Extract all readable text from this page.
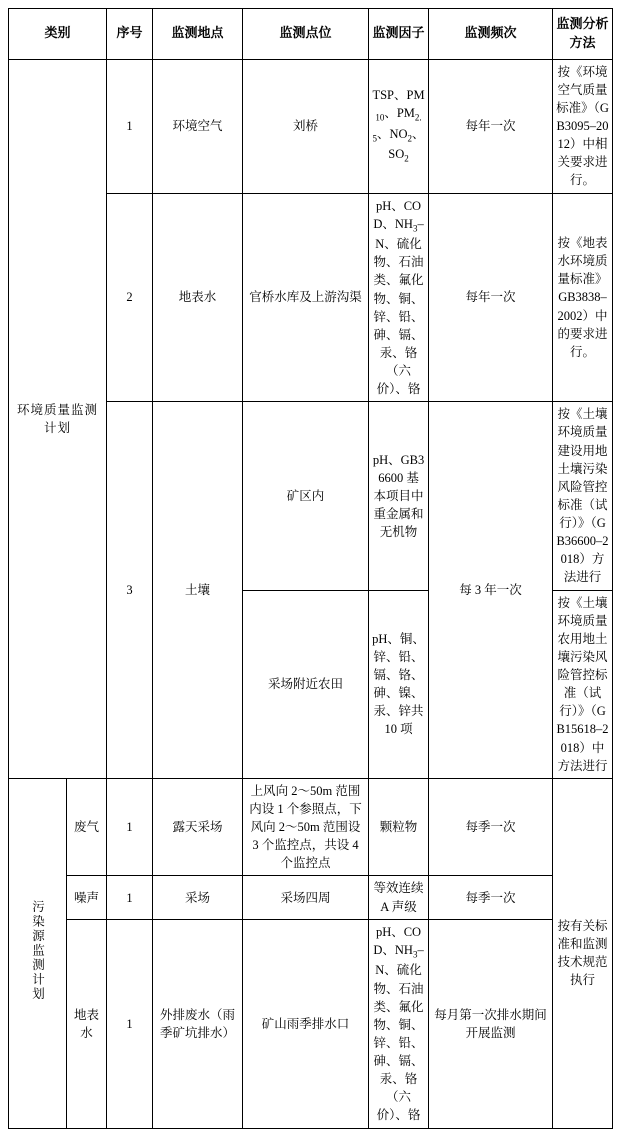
类别		序号	监测地点	监测点位	监测因子	监测频次	监测分析方法
环境质量监测计划		1	环境空气	刘桥	TSP、$PM_{10}$、$PM_{2.5}$、$NO_2$、$SO_2$	每年一次	按《环境空气质量标准》（GB3095–2012）中相关要求进行。
		2	地表水	官桥水库及上游沟渠	pH、COD、$NH_3-N$、硫化物、石油类、氟化物、铜、锌、铅、砷、镉、汞、铬（六价）、铬	每年一次	按《地表水环境质量标准》GB3838–2002）中的要求进行。
		3	土壤	矿区内	pH、GB36600 基本项目中重金属和无机物	每 3 年一次	按《土壤环境质量建设用地土壤污染风险管控标准（试行）》（GB36600–2018）方法进行
				采场附近农田	pH、铜、锌、铅、镉、铬、砷、镍、汞、锌共 10 项		按《土壤环境质量农用地土壤污染风险管控标准（试行）》（GB15618–2018）中方法进行
污染源监测计划	废气	1	露天采场	上风向 2～50m 范围内设 1 个参照点，下风向 2～50m 范围设 3 个监控点，共设 4 个监控点	颗粒物	每季一次	按有关标准和监测技术规范执行
	噪声	1	采场	采场四周	等效连续 A 声级	每季一次	
	地表水	1	外排废水（雨季矿坑排水）	矿山雨季排水口	pH、COD、$NH_3-N$、硫化物、石油类、氟化物、铜、锌、铅、砷、镉、汞、铬（六价）、铬	每月第一次排水期间开展监测	
